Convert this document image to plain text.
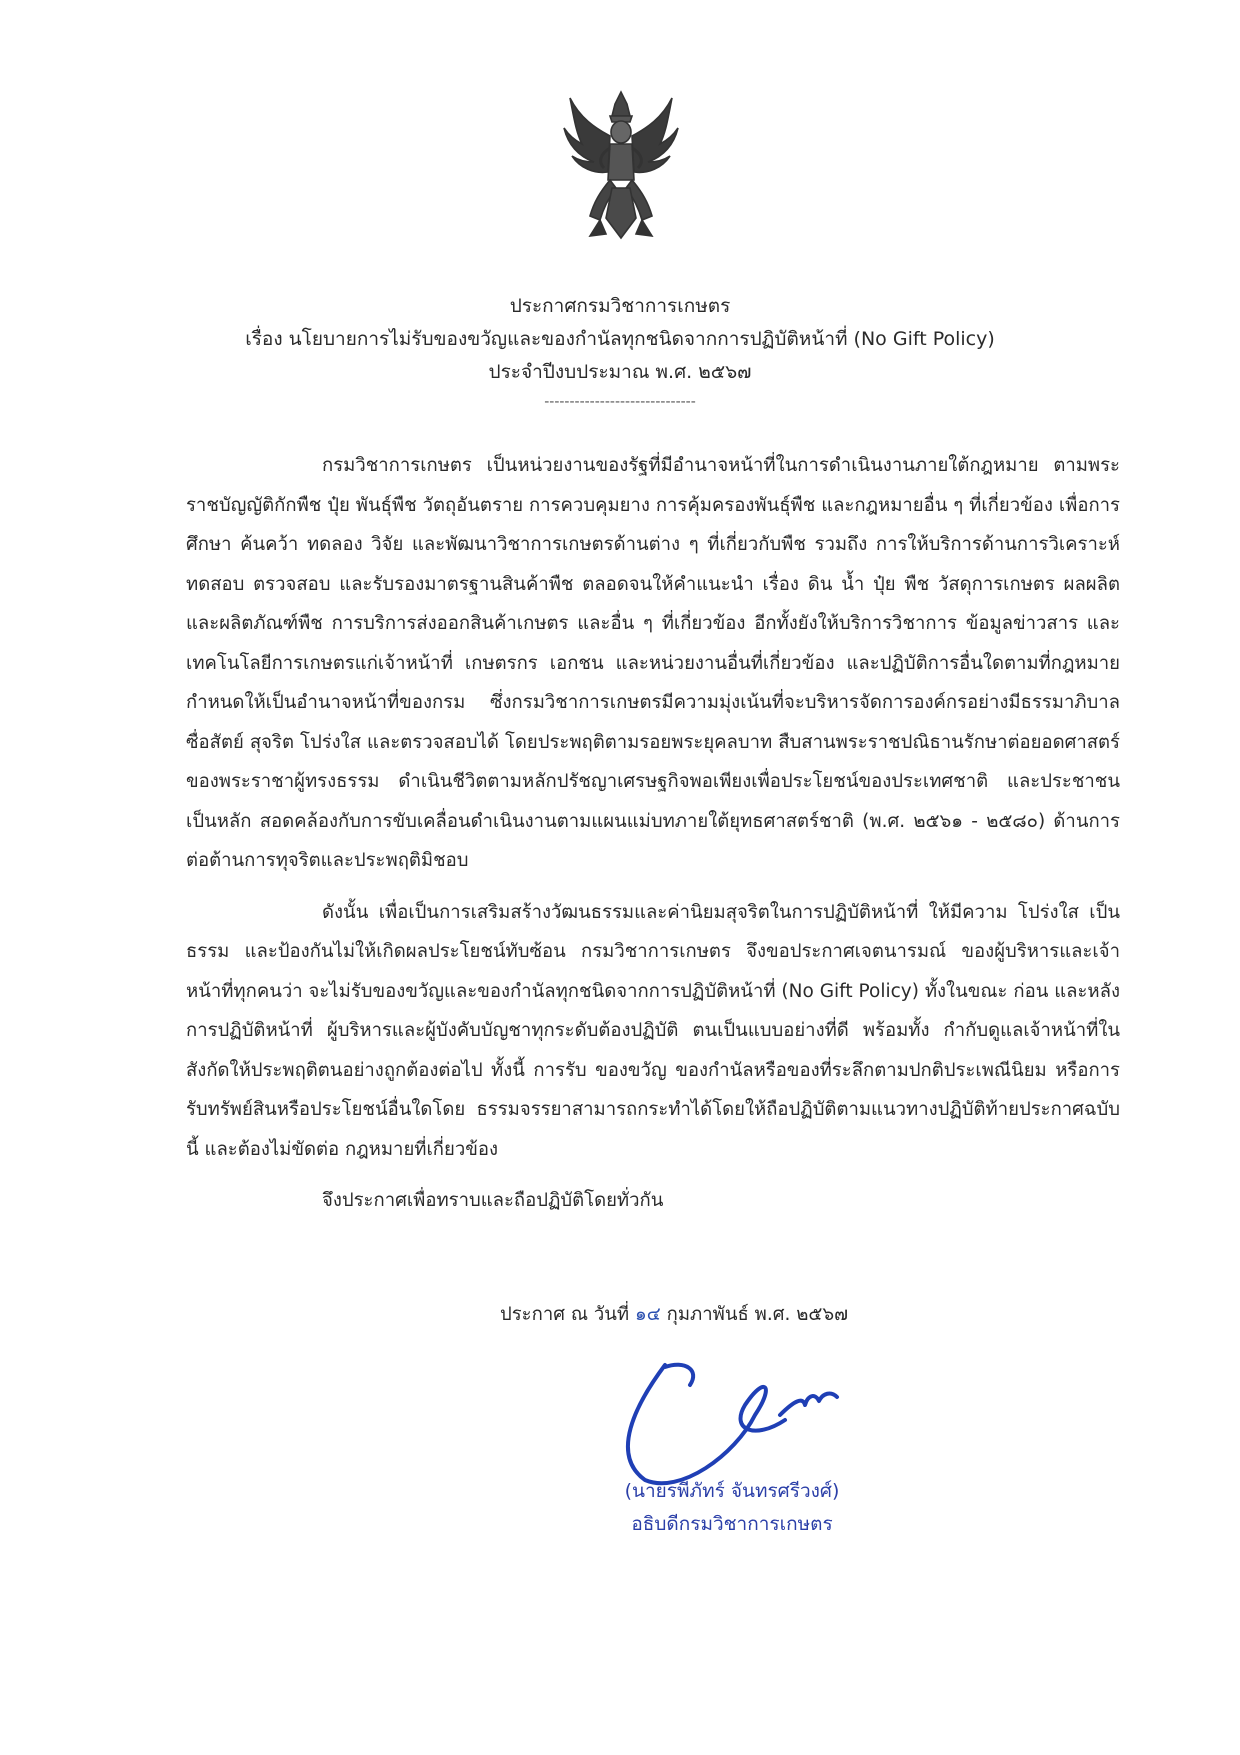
ประกาศกรมวิชาการเกษตร
เรื่อง นโยบายการไม่รับของขวัญและของกำนัลทุกชนิดจากการปฏิบัติหน้าที่ (No Gift Policy)
ประจำปีงบประมาณ พ.ศ. ๒๕๖๗
------------------------------

กรมวิชาการเกษตร เป็นหน่วยงานของรัฐที่มีอำนาจหน้าที่ในการดำเนินงานภายใต้กฎหมาย ตามพระราชบัญญัติกักพืช ปุ๋ย พันธุ์พืช วัตถุอันตราย การควบคุมยาง การคุ้มครองพันธุ์พืช และกฎหมายอื่น ๆ ที่เกี่ยวข้อง เพื่อการศึกษา ค้นคว้า ทดลอง วิจัย และพัฒนาวิชาการเกษตรด้านต่าง ๆ ที่เกี่ยวกับพืช รวมถึง การให้บริการด้านการวิเคราะห์ ทดสอบ ตรวจสอบ และรับรองมาตรฐานสินค้าพืช ตลอดจนให้คำแนะนำ เรื่อง ดิน น้ำ ปุ๋ย พืช วัสดุการเกษตร ผลผลิต และผลิตภัณฑ์พืช การบริการส่งออกสินค้าเกษตร และอื่น ๆ ที่เกี่ยวข้อง อีกทั้งยังให้บริการวิชาการ ข้อมูลข่าวสาร และเทคโนโลยีการเกษตรแก่เจ้าหน้าที่ เกษตรกร เอกชน และหน่วยงานอื่นที่เกี่ยวข้อง และปฏิบัติการอื่นใดตามที่กฎหมายกำหนดให้เป็นอำนาจหน้าที่ของกรม ซึ่งกรมวิชาการเกษตรมีความมุ่งเน้นที่จะบริหารจัดการองค์กรอย่างมีธรรมาภิบาล ซื่อสัตย์ สุจริต โปร่งใส และตรวจสอบได้ โดยประพฤติตามรอยพระยุคลบาท สืบสานพระราชปณิธานรักษาต่อยอดศาสตร์ ของพระราชาผู้ทรงธรรม ดำเนินชีวิตตามหลักปรัชญาเศรษฐกิจพอเพียงเพื่อประโยชน์ของประเทศชาติ และประชาชนเป็นหลัก สอดคล้องกับการขับเคลื่อนดำเนินงานตามแผนแม่บทภายใต้ยุทธศาสตร์ชาติ (พ.ศ. ๒๕๖๑ - ๒๕๘๐) ด้านการต่อต้านการทุจริตและประพฤติมิชอบ

ดังนั้น เพื่อเป็นการเสริมสร้างวัฒนธรรมและค่านิยมสุจริตในการปฏิบัติหน้าที่ ให้มีความ โปร่งใส เป็นธรรม และป้องกันไม่ให้เกิดผลประโยชน์ทับซ้อน กรมวิชาการเกษตร จึงขอประกาศเจตนารมณ์ ของผู้บริหารและเจ้าหน้าที่ทุกคนว่า จะไม่รับของขวัญและของกำนัลทุกชนิดจากการปฏิบัติหน้าที่ (No Gift Policy) ทั้งในขณะ ก่อน และหลังการปฏิบัติหน้าที่ ผู้บริหารและผู้บังคับบัญชาทุกระดับต้องปฏิบัติ ตนเป็นแบบอย่างที่ดี พร้อมทั้ง กำกับดูแลเจ้าหน้าที่ในสังกัดให้ประพฤติตนอย่างถูกต้องต่อไป ทั้งนี้ การรับ ของขวัญ ของกำนัลหรือของที่ระลึกตามปกติประเพณีนิยม หรือการรับทรัพย์สินหรือประโยชน์อื่นใดโดย ธรรมจรรยาสามารถกระทำได้โดยให้ถือปฏิบัติตามแนวทางปฏิบัติท้ายประกาศฉบับนี้ และต้องไม่ขัดต่อ กฎหมายที่เกี่ยวข้อง

จึงประกาศเพื่อทราบและถือปฏิบัติโดยทั่วกัน

ประกาศ ณ วันที่ ๑๔ กุมภาพันธ์ พ.ศ. ๒๕๖๗
(นายรพีภัทร์ จันทรศรีวงศ์)
อธิบดีกรมวิชาการเกษตร
